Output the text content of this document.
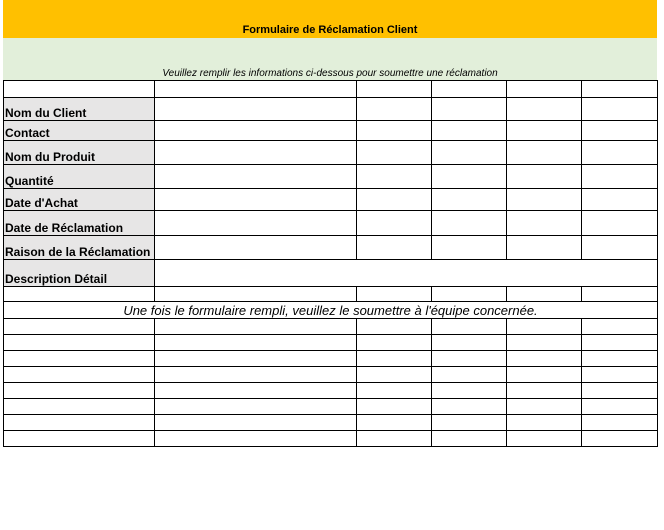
Formulaire de Réclamation Client
Veuillez remplir les informations ci-dessous pour soumettre une réclamation

Nom du Client					
Contact					
Nom du Produit					
Quantité					
Date d'Achat					
Date de Réclamation					
Raison de la Réclamation					
Description Détail					

Une fois le formulaire rempli, veuillez le soumettre à l'équipe concernée.					
